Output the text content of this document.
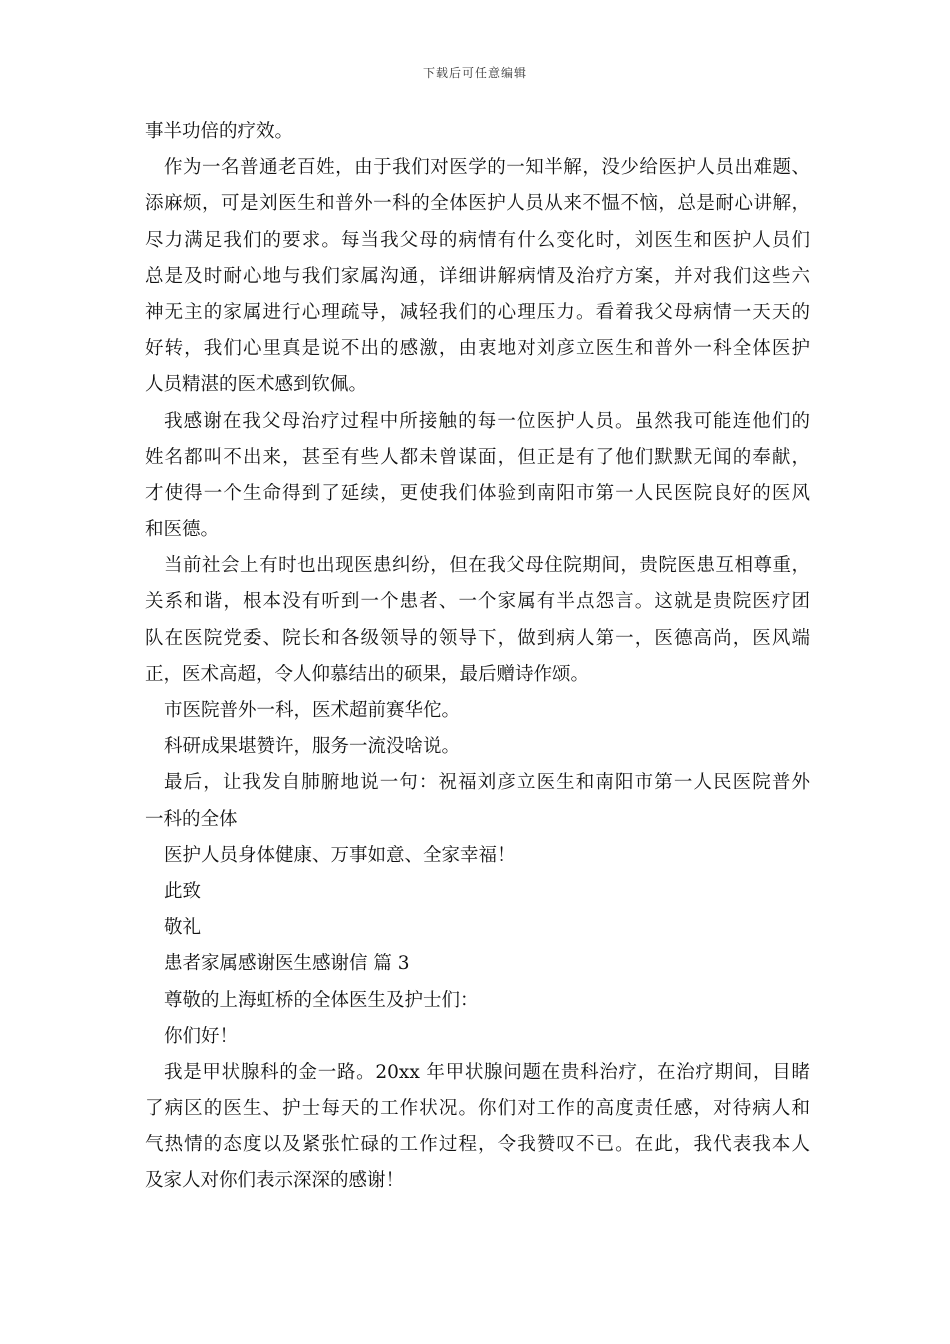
下载后可任意编辑
事半功倍的疗效。
作为一名普通老百姓，由于我们对医学的一知半解，没少给医护人员出难题、
添麻烦，可是刘医生和普外一科的全体医护人员从来不愠不恼，总是耐心讲解，
尽力满足我们的要求。每当我父母的病情有什么变化时，刘医生和医护人员们
总是及时耐心地与我们家属沟通，详细讲解病情及治疗方案，并对我们这些六
神无主的家属进行心理疏导，减轻我们的心理压力。看着我父母病情一天天的
好转，我们心里真是说不出的感激，由衷地对刘彦立医生和普外一科全体医护
人员精湛的医术感到钦佩。
我感谢在我父母治疗过程中所接触的每一位医护人员。虽然我可能连他们的
姓名都叫不出来，甚至有些人都未曾谋面，但正是有了他们默默无闻的奉献，
才使得一个生命得到了延续，更使我们体验到南阳市第一人民医院良好的医风
和医德。
当前社会上有时也出现医患纠纷，但在我父母住院期间，贵院医患互相尊重，
关系和谐，根本没有听到一个患者、一个家属有半点怨言。这就是贵院医疗团
队在医院党委、院长和各级领导的领导下，做到病人第一，医德高尚，医风端
正，医术高超，令人仰慕结出的硕果，最后赠诗作颂。
市医院普外一科，医术超前赛华佗。
科研成果堪赞许，服务一流没啥说。
最后，让我发自肺腑地说一句：祝福刘彦立医生和南阳市第一人民医院普外
一科的全体
医护人员身体健康、万事如意、全家幸福！
此致
敬礼
患者家属感谢医生感谢信 篇 3
尊敬的上海虹桥的全体医生及护士们：
你们好！
我是甲状腺科的金一路。20xx 年甲状腺问题在贵科治疗，在治疗期间，目睹
了病区的医生、护士每天的工作状况。你们对工作的高度责任感，对待病人和
气热情的态度以及紧张忙碌的工作过程，令我赞叹不已。在此，我代表我本人
及家人对你们表示深深的感谢！
